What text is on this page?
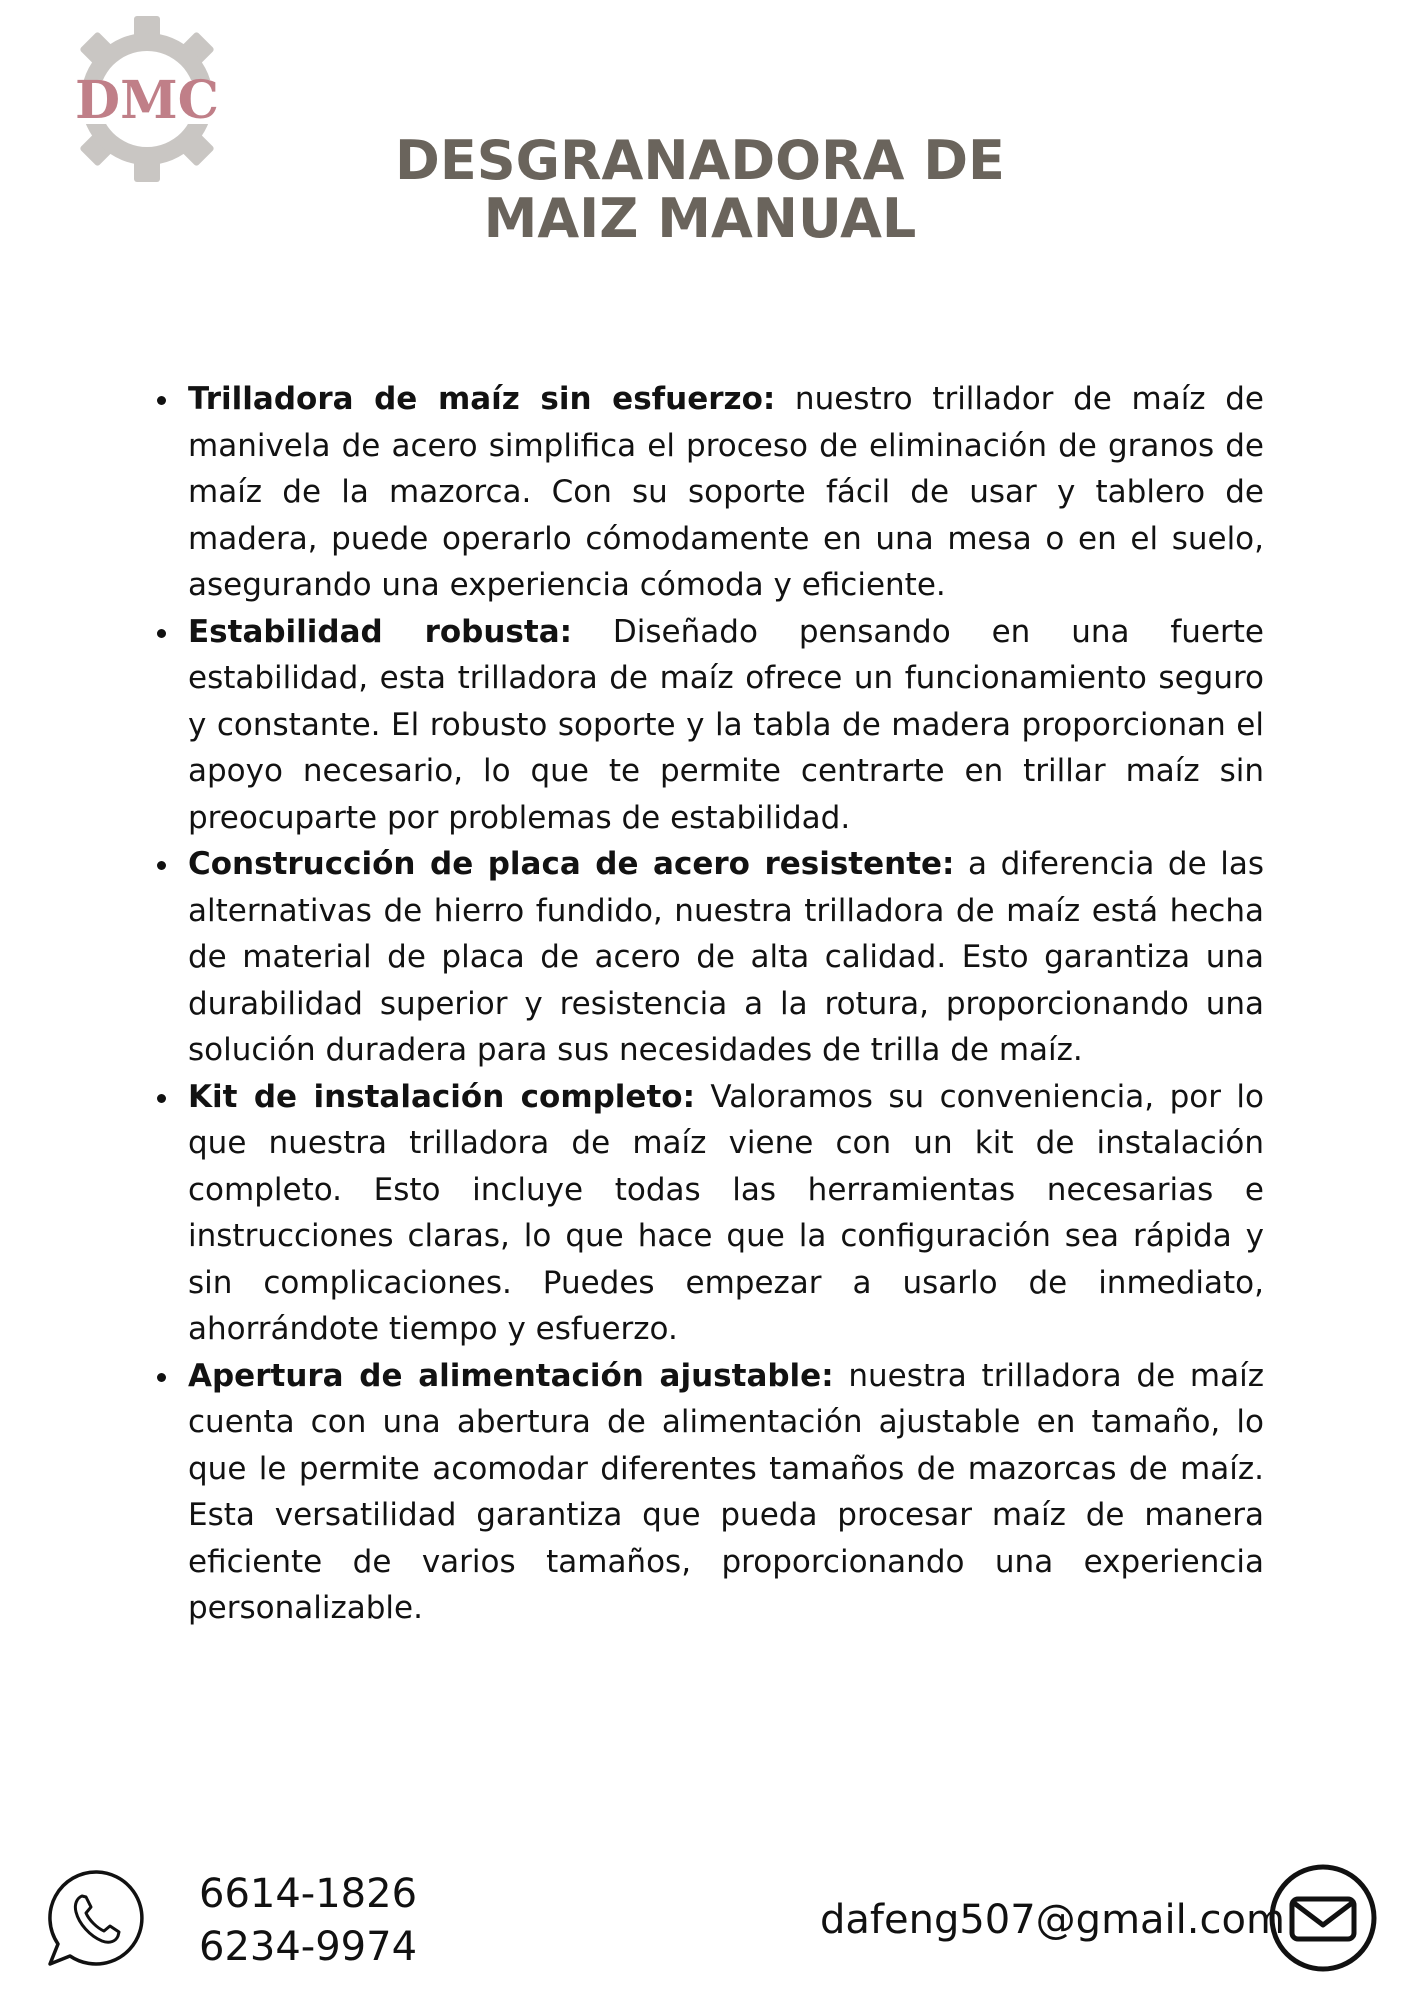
DMC
DESGRANADORA DE
MAIZ MANUAL
Trilladora de maíz sin esfuerzo: nuestro trillador de maíz de manivela de acero simplifica el proceso de eliminación de granos de maíz de la mazorca. Con su soporte fácil de usar y tablero de madera, puede operarlo cómodamente en una mesa o en el suelo, asegurando una experiencia cómoda y eficiente.
Estabilidad robusta: Diseñado pensando en una fuerte estabilidad, esta trilladora de maíz ofrece un funcionamiento seguro y constante. El robusto soporte y la tabla de madera proporcionan el apoyo necesario, lo que te permite centrarte en trillar maíz sin preocuparte por problemas de estabilidad.
Construcción de placa de acero resistente: a diferencia de las alternativas de hierro fundido, nuestra trilladora de maíz está hecha de material de placa de acero de alta calidad. Esto garantiza una durabilidad superior y resistencia a la rotura, proporcionando una solución duradera para sus necesidades de trilla de maíz.
Kit de instalación completo: Valoramos su conveniencia, por lo que nuestra trilladora de maíz viene con un kit de instalación completo. Esto incluye todas las herramientas necesarias e instrucciones claras, lo que hace que la configuración sea rápida y sin complicaciones. Puedes empezar a usarlo de inmediato, ahorrándote tiempo y esfuerzo.
Apertura de alimentación ajustable: nuestra trilladora de maíz cuenta con una abertura de alimentación ajustable en tamaño, lo que le permite acomodar diferentes tamaños de mazorcas de maíz. Esta versatilidad garantiza que pueda procesar maíz de manera eficiente de varios tamaños, proporcionando una experiencia personalizable.
6614-1826
6234-9974
dafeng507@gmail.com
